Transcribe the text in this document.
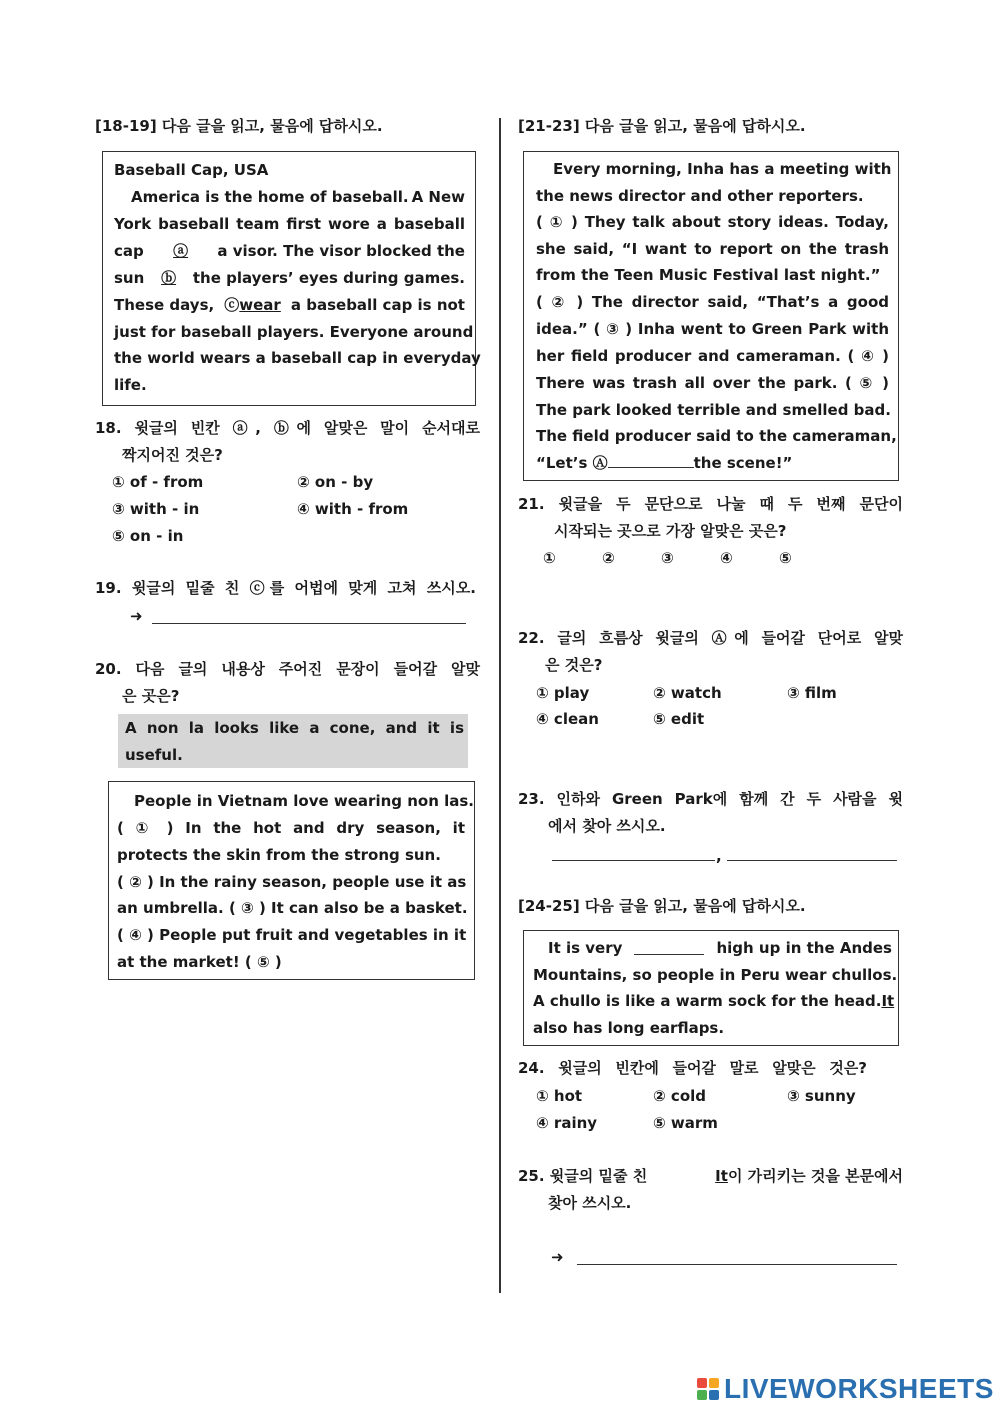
[18-19] 다음 글을 읽고, 물음에 답하시오.
Baseball Cap, USA
America is the home of baseball. A New
York baseball team first wore a baseball
cap	ⓐ	a visor. The visor blocked the
sun	ⓑ	the players’ eyes during games.
These days, ⓒwear a baseball cap is not
just for baseball players. Everyone around
the world wears a baseball cap in everyday
life.
18. 윗글의 빈칸 ⓐ, ⓑ에 알맞은 말이 순서대로
짝지어진 것은?
① of - from	② on - by
③ with - in	④ with - from
⑤ on - in
19. 윗글의 밑줄 친 ⓒ를 어법에 맞게 고쳐 쓰시오.
➜
20. 다음 글의 내용상 주어진 문장이 들어갈 알맞
은 곳은?
A non la looks like a cone, and it is
useful.
People in Vietnam love wearing non las.
( ① ) In the hot and dry season, it
protects the skin from the strong sun.
( ② ) In the rainy season, people use it as
an umbrella. ( ③ ) It can also be a basket.
( ④ ) People put fruit and vegetables in it
at the market! ( ⑤ )
[21-23] 다음 글을 읽고, 물음에 답하시오.
Every morning, Inha has a meeting with
the news director and other reporters.
( ① ) They talk about story ideas. Today,
she said, “I want to report on the trash
from the Teen Music Festival last night.”
( ② ) The director said, “That’s a good
idea.” ( ③ ) Inha went to Green Park with
her field producer and cameraman. ( ④ )
There was trash all over the park. ( ⑤ )
The park looked terrible and smelled bad.
The field producer said to the cameraman,
“Let’s Ⓐ	the scene!”
21. 윗글을 두 문단으로 나눌 때 두 번째 문단이
시작되는 곳으로 가장 알맞은 곳은?
①	②	③	④	⑤
22. 글의 흐름상 윗글의 Ⓐ에 들어갈 단어로 알맞
은 것은?
① play	② watch	③ film
④ clean	⑤ edit
23. 인하와 Green Park에 함께 간 두 사람을 윗
에서 찾아 쓰시오.
,
[24-25] 다음 글을 읽고, 물음에 답하시오.
It is very	high up in the Andes
Mountains, so people in Peru wear chullos.
A chullo is like a warm sock for the head. It
also has long earflaps.
24. 윗글의 빈칸에 들어갈 말로 알맞은 것은?
① hot	② cold	③ sunny
④ rainy	⑤ warm
25. 윗글의 밑줄 친	It이 가리키는 것을 본문에서
찾아 쓰시오.
➜
LIVEWORKSHEETS
